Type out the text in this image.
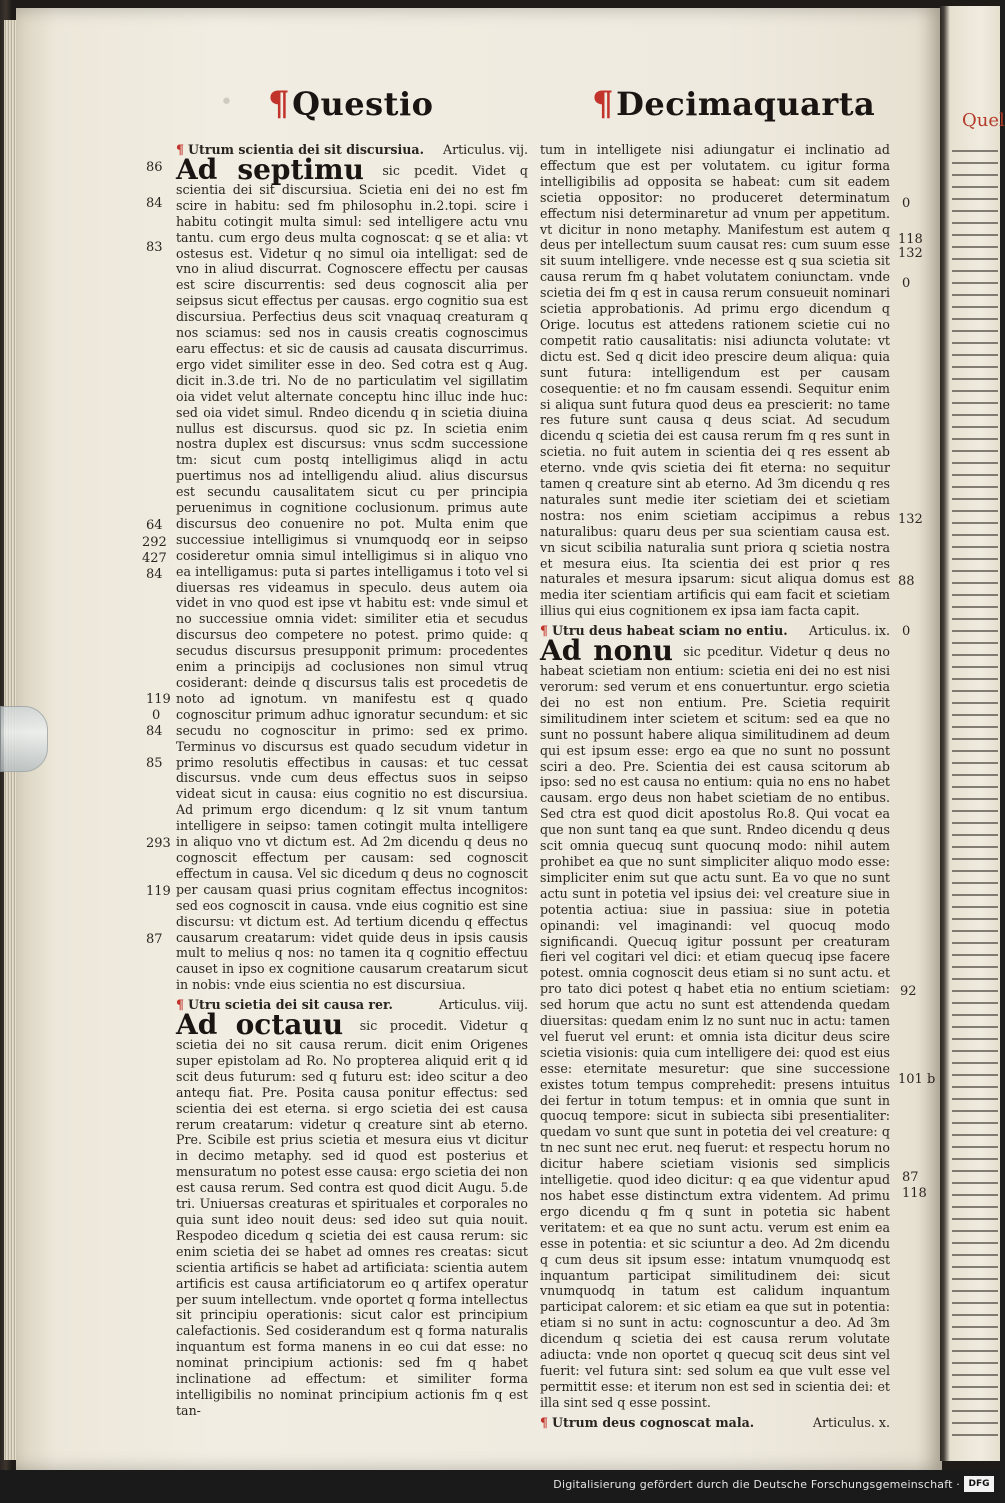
Quel
• ¶Questio	¶Decimaquarta

¶ Utrum scientia dei sit discursiua. Articulus. vij.

Ad septimu sic pcedit. Videt q scientia dei sit discursiua. Scietia eni dei no est fm scire in habitu: sed fm philosophu in.2.topi. scire i habitu cotingit multa simul: sed intelligere actu vnu tantu. cum ergo deus multa cognoscat: q se et alia: vt ostesus est. Videtur q no simul oia intelligat: sed de vno in aliud discurrat. Cognoscere effectu per causas est scire discurrentis: sed deus cognoscit alia per seipsus sicut effectus per causas. ergo cognitio sua est discursiua. Perfectius deus scit vnaquaq creaturam q nos sciamus: sed nos in causis creatis cognoscimus earu effectus: et sic de causis ad causata discurrimus. ergo videt similiter esse in deo. Sed cotra est q Aug. dicit in.3.de tri. No de no particulatim vel sigillatim oia videt velut alternate conceptu hinc illuc inde huc: sed oia videt simul. Rndeo dicendu q in scietia diuina nullus est discursus. quod sic pz. In scietia enim nostra duplex est discursus: vnus scdm successione tm: sicut cum postq intelligimus aliqd in actu puertimus nos ad intelligendu aliud. alius discursus est secundu causalitatem sicut cu per principia peruenimus in cognitione coclusionum. primus aute discursus deo conuenire no pot. Multa enim que successiue intelligimus si vnumquodq eor in seipso cosideretur omnia simul intelligimus si in aliquo vno ea intelligamus: puta si partes intelligamus i toto vel si diuersas res videamus in speculo. deus autem oia videt in vno quod est ipse vt habitu est: vnde simul et no successiue omnia videt: similiter etia et secudus discursus deo competere no potest. primo quide: q secudus discursus presupponit primum: procedentes enim a principijs ad coclusiones non simul vtruq cosiderant: deinde q discursus talis est procedetis de noto ad ignotum. vn manifestu est q quado cognoscitur primum adhuc ignoratur secundum: et sic secudu no cognoscitur in primo: sed ex primo. Terminus vo discursus est quado secudum videtur in primo resolutis effectibus in causas: et tuc cessat discursus. vnde cum deus effectus suos in seipso videat sicut in causa: eius cognitio no est discursiua. Ad primum ergo dicendum: q lz sit vnum tantum intelligere in seipso: tamen cotingit multa intelligere in aliquo vno vt dictum est. Ad 2m dicendu q deus no cognoscit effectum per causam: sed cognoscit effectum in causa. Vel sic dicedum q deus no cognoscit per causam quasi prius cognitam effectus incognitos: sed eos cognoscit in causa. vnde eius cognitio est sine discursu: vt dictum est. Ad tertium dicendu q effectus causarum creatarum: videt quide deus in ipsis causis mult to melius q nos: no tamen ita q cognitio effectuu causet in ipso ex cognitione causarum creatarum sicut in nobis: vnde eius scientia no est discursiua.

¶ Utru scietia dei sit causa rer.	Articulus. viij.

Ad octauu sic procedit. Videtur q scietia dei no sit causa rerum. dicit enim Origenes super epistolam ad Ro. No propterea aliquid erit q id scit deus futurum: sed q futuru est: ideo scitur a deo antequ fiat. Pre. Posita causa ponitur effectus: sed scientia dei est eterna. si ergo scietia dei est causa rerum creatarum: videtur q creature sint ab eterno. Pre. Scibile est prius scietia et mesura eius vt dicitur in decimo metaphy. sed id quod est posterius et mensuratum no potest esse causa: ergo scietia dei non est causa rerum. Sed contra est quod dicit Augu. 5.de tri. Uniuersas creaturas et spirituales et corporales no quia sunt ideo nouit deus: sed ideo sut quia nouit. Respodeo dicedum q scietia dei est causa rerum: sic enim scietia dei se habet ad omnes res creatas: sicut scientia artificis se habet ad artificiata: scientia autem artificis est causa artificiatorum eo q artifex operatur per suum intellectum. vnde oportet q forma intellectus sit principiu operationis: sicut calor est principium calefactionis. Sed cosiderandum est q forma naturalis inquantum est forma manens in eo cui dat esse: no nominat principium actionis: sed fm q habet inclinatione ad effectum: et similiter forma intelligibilis no nominat principium actionis fm q est tan-

tum in intelligete nisi adiungatur ei inclinatio ad effectum que est per volutatem. cu igitur forma intelligibilis ad opposita se habeat: cum sit eadem scietia oppositor: no produceret determinatum effectum nisi determinaretur ad vnum per appetitum. vt dicitur in nono metaphy. Manifestum est autem q deus per intellectum suum causat res: cum suum esse sit suum intelligere. vnde necesse est q sua scietia sit causa rerum fm q habet volutatem coniunctam. vnde scietia dei fm q est in causa rerum consueuit nominari scietia approbationis. Ad primu ergo dicendum q Orige. locutus est attedens rationem scietie cui no competit ratio causalitatis: nisi adiuncta volutate: vt dictu est. Sed q dicit ideo prescire deum aliqua: quia sunt futura: intelligendum est per causam cosequentie: et no fm causam essendi. Sequitur enim si aliqua sunt futura quod deus ea prescierit: no tame res future sunt causa q deus sciat. Ad secudum dicendu q scietia dei est causa rerum fm q res sunt in scietia. no fuit autem in scientia dei q res essent ab eterno. vnde qvis scietia dei fit eterna: no sequitur tamen q creature sint ab eterno. Ad 3m dicendu q res naturales sunt medie iter scietiam dei et scietiam nostra: nos enim scietiam accipimus a rebus naturalibus: quaru deus per sua scientiam causa est. vn sicut scibilia naturalia sunt priora q scietia nostra et mesura eius. Ita scientia dei est prior q res naturales et mesura ipsarum: sicut aliqua domus est media iter scientiam artificis qui eam facit et scietiam illius qui eius cognitionem ex ipsa iam facta capit.

¶ Utru deus habeat sciam no entiu. Articulus. ix.

Ad nonu sic pceditur. Videtur q deus no habeat scietiam non entium: scietia eni dei no est nisi verorum: sed verum et ens conuertuntur. ergo scietia dei no est non entium. Pre. Scietia requirit similitudinem inter scietem et scitum: sed ea que no sunt no possunt habere aliqua similitudinem ad deum qui est ipsum esse: ergo ea que no sunt no possunt sciri a deo. Pre. Scientia dei est causa scitorum ab ipso: sed no est causa no entium: quia no ens no habet causam. ergo deus non habet scietiam de no entibus. Sed ctra est quod dicit apostolus Ro.8. Qui vocat ea que non sunt tanq ea que sunt. Rndeo dicendu q deus scit omnia quecuq sunt quocunq modo: nihil autem prohibet ea que no sunt simpliciter aliquo modo esse: simpliciter enim sut que actu sunt. Ea vo que no sunt actu sunt in potetia vel ipsius dei: vel creature siue in potentia actiua: siue in passiua: siue in potetia opinandi: vel imaginandi: vel quocuq modo significandi. Quecuq igitur possunt per creaturam fieri vel cogitari vel dici: et etiam quecuq ipse facere potest. omnia cognoscit deus etiam si no sunt actu. et pro tato dici potest q habet etia no entium scietiam: sed horum que actu no sunt est attendenda quedam diuersitas: quedam enim lz no sunt nuc in actu: tamen vel fuerut vel erunt: et omnia ista dicitur deus scire scietia visionis: quia cum intelligere dei: quod est eius esse: eternitate mesuretur: que sine successione existes totum tempus comprehedit: presens intuitus dei fertur in totum tempus: et in omnia que sunt in quocuq tempore: sicut in subiecta sibi presentialiter: quedam vo sunt que sunt in potetia dei vel creature: q tn nec sunt nec erut. neq fuerut: et respectu horum no dicitur habere scietiam visionis sed simplicis intelligetie. quod ideo dicitur: q ea que videntur apud nos habet esse distinctum extra videntem. Ad primu ergo dicendu q fm q sunt in potetia sic habent veritatem: et ea que no sunt actu. verum est enim ea esse in potentia: et sic sciuntur a deo. Ad 2m dicendu q cum deus sit ipsum esse: intatum vnumquodq est inquantum participat similitudinem dei: sicut vnumquodq in tatum est calidum inquantum participat calorem: et sic etiam ea que sut in potentia: etiam si no sunt in actu: cognoscuntur a deo. Ad 3m dicendum q scietia dei est causa rerum volutate adiucta: vnde non oportet q quecuq scit deus sint vel fuerit: vel futura sint: sed solum ea que vult esse vel permittit esse: et iterum non est sed in scientia dei: et illa sint sed q esse possint.

¶ Utrum deus cognoscat mala.	Articulus. x.

86
84
83
64
292
427
84
119
0
84
85
293
119
87
0
118
132
0
132
88
0
92
101 b
87
118
Digitalisierung gefördert durch die Deutsche Forschungsgemeinschaft · DFG
